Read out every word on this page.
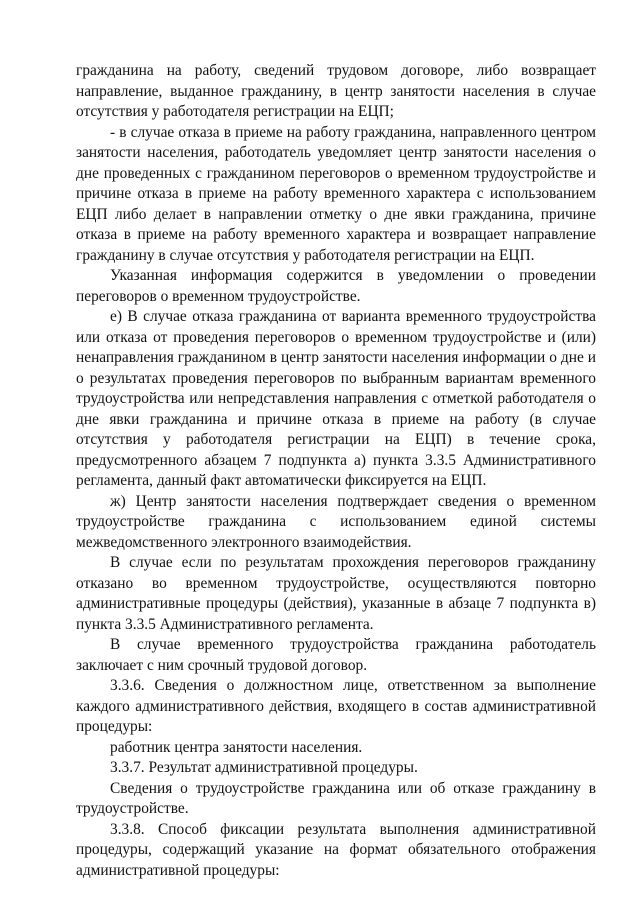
гражданина на работу, сведений трудовом договоре, либо возвращает направление, выданное гражданину, в центр занятости населения в случае отсутствия у работодателя регистрации на ЕЦП;

- в случае отказа в приеме на работу гражданина, направленного центром занятости населения, работодатель уведомляет центр занятости населения о дне проведенных с гражданином переговоров о временном трудоустройстве и причине отказа в приеме на работу временного характера с использованием ЕЦП либо делает в направлении отметку о дне явки гражданина, причине отказа в приеме на работу временного характера и возвращает направление гражданину в случае отсутствия у работодателя регистрации на ЕЦП.

Указанная информация содержится в уведомлении о проведении переговоров о временном трудоустройстве.

е) В случае отказа гражданина от варианта временного трудоустройства или отказа от проведения переговоров о временном трудоустройстве и (или) ненаправления гражданином в центр занятости населения информации о дне и о результатах проведения переговоров по выбранным вариантам временного трудоустройства или непредставления направления с отметкой работодателя о дне явки гражданина и причине отказа в приеме на работу (в случае отсутствия у работодателя регистрации на ЕЦП) в течение срока, предусмотренного абзацем 7 подпункта а) пункта 3.3.5 Административного регламента, данный факт автоматически фиксируется на ЕЦП.

ж) Центр занятости населения подтверждает сведения о временном трудоустройстве гражданина с использованием единой системы межведомственного электронного взаимодействия.

В случае если по результатам прохождения переговоров гражданину отказано во временном трудоустройстве, осуществляются повторно административные процедуры (действия), указанные в абзаце 7 подпункта в) пункта 3.3.5 Административного регламента.

В случае временного трудоустройства гражданина работодатель заключает с ним срочный трудовой договор.

3.3.6. Сведения о должностном лице, ответственном за выполнение каждого административного действия, входящего в состав административной процедуры:

работник центра занятости населения.

3.3.7. Результат административной процедуры.

Сведения о трудоустройстве гражданина или об отказе гражданину в трудоустройстве.

3.3.8. Способ фиксации результата выполнения административной процедуры, содержащий указание на формат обязательного отображения административной процедуры:
